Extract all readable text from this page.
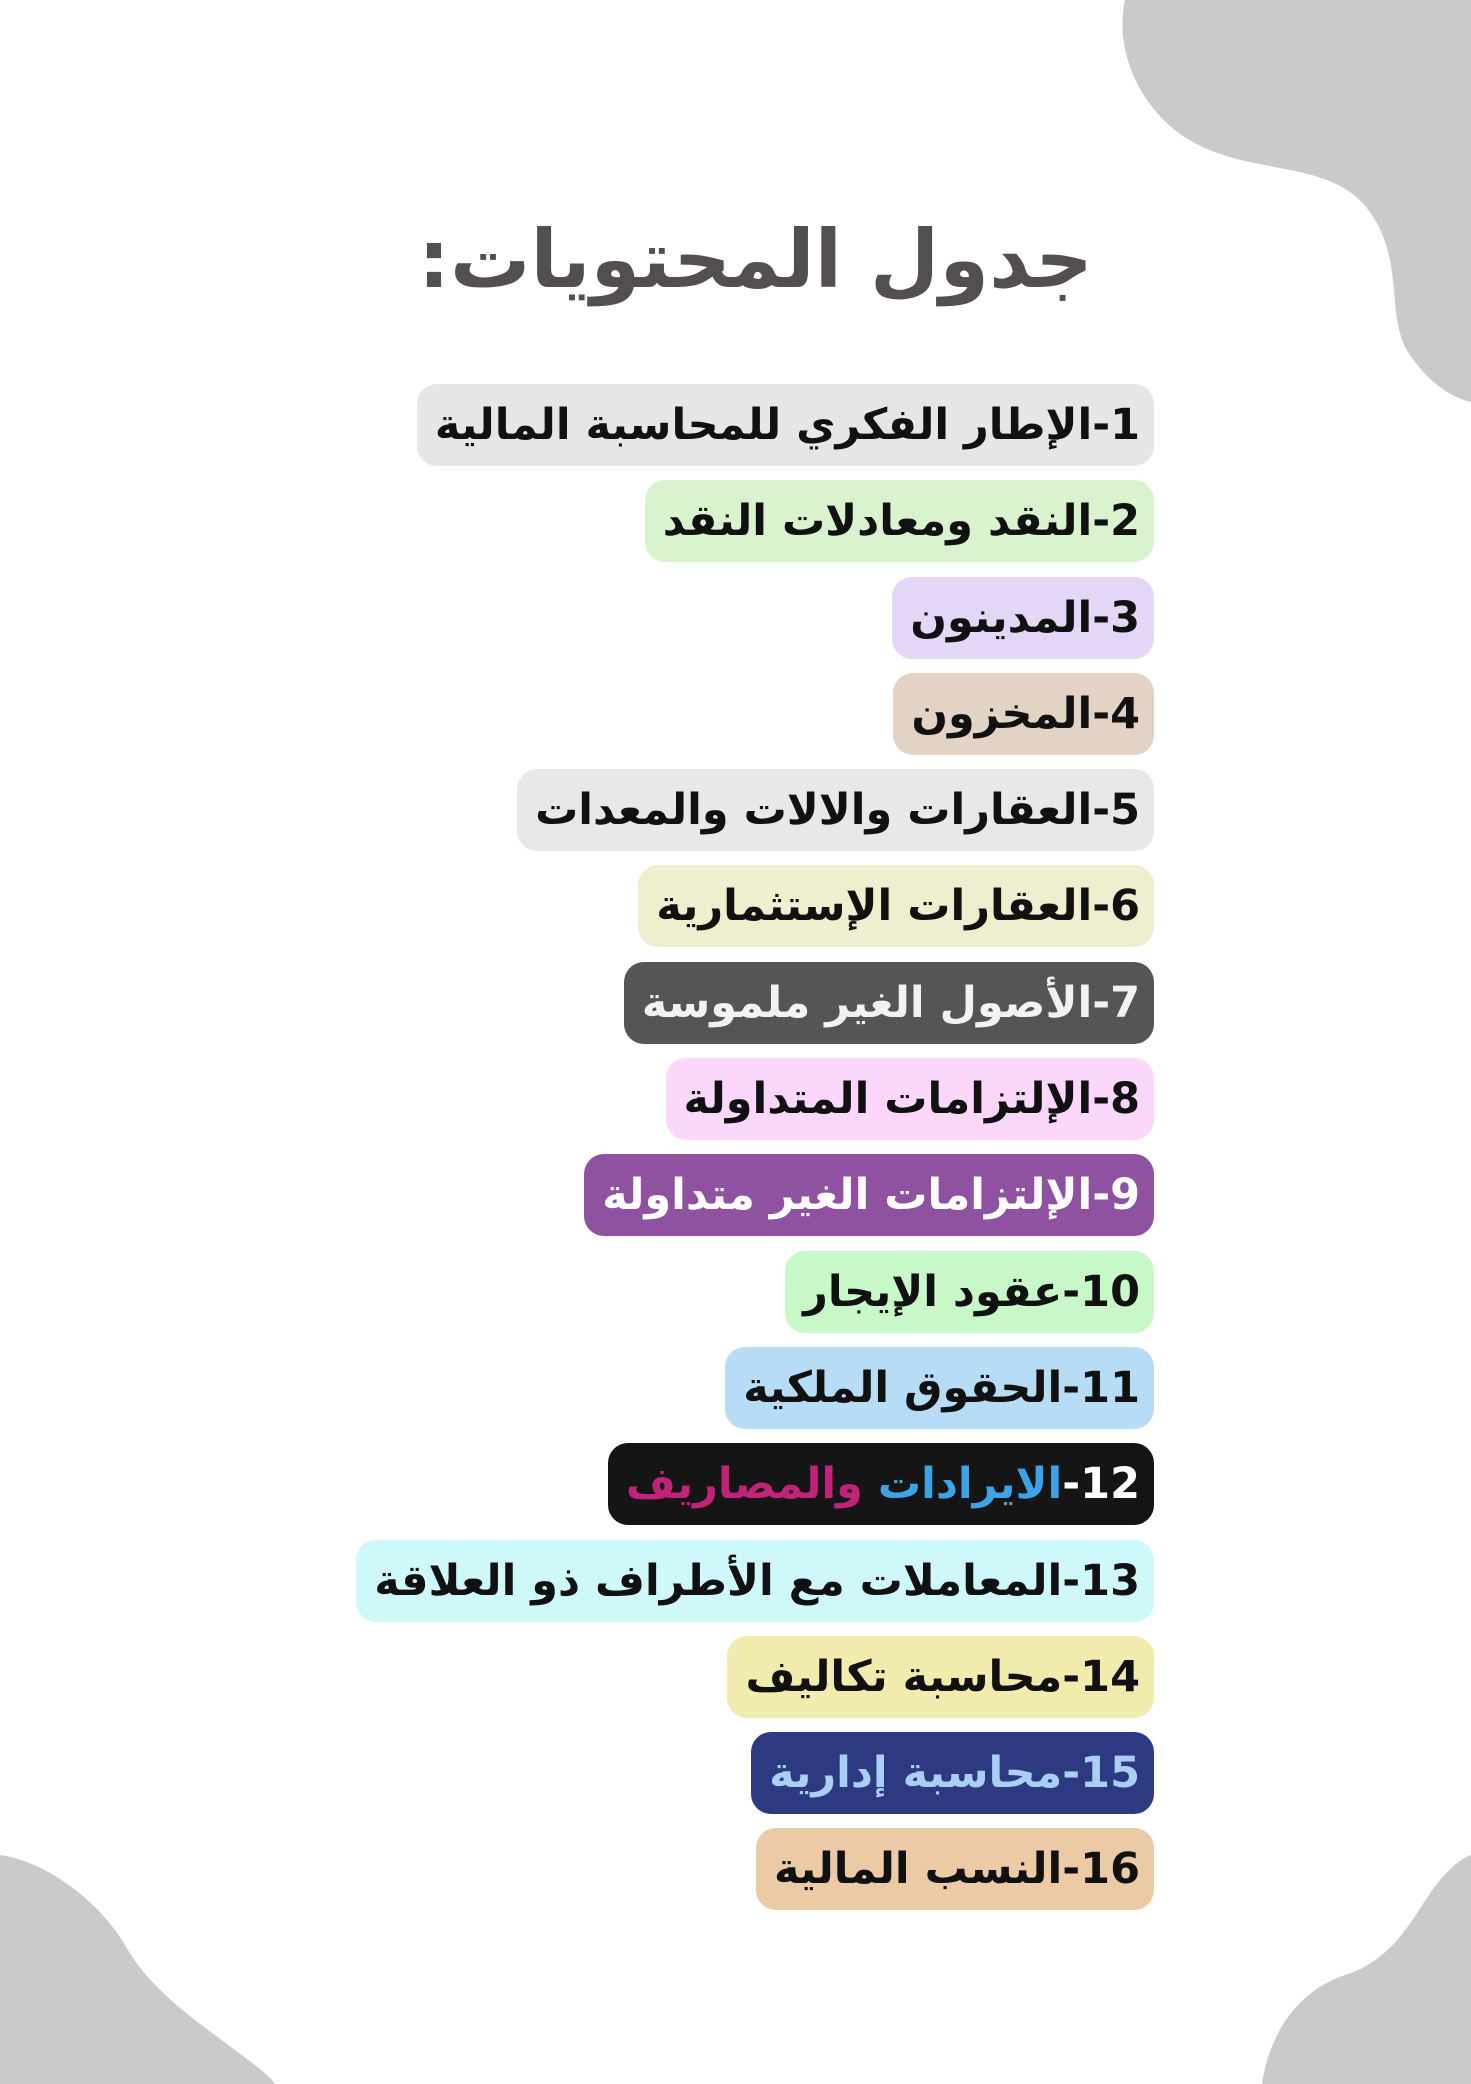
جدول المحتويات:
1
-
الإطار الفكري للمحاسبة المالية
2
-
النقد ومعادلات النقد
3
-
المدينون
4
-
المخزون
5
-
العقارات والالات والمعدات
6
-
العقارات الإستثمارية
7
-
الأصول الغير ملموسة
8
-
الإلتزامات المتداولة
9
-
الإلتزامات الغير متداولة
10
-
عقود الإيجار
11
-
الحقوق الملكية
12
-
الايرادات

والمصاريف
13
-
المعاملات مع الأطراف ذو العلاقة
14
-
محاسبة تكاليف
15
-
محاسبة إدارية
16
-
النسب المالية
